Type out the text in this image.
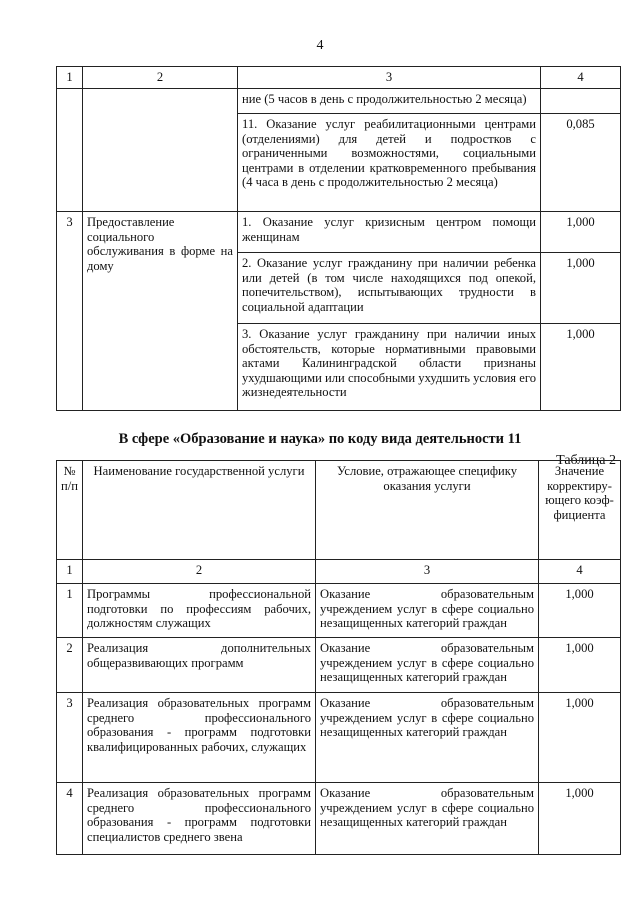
4
1	2	3	4
		ние (5 часов в день с продолжительностью 2 месяца)	
		11. Оказание услуг реабилитационными центрами (отделениями) для детей и подростков с ограниченными возможностями, социальными центрами в отделении кратковременного пребывания (4 часа в день с продолжительностью 2 месяца)	0,085
3	Предоставление социального обслуживания в форме на дому	1. Оказание услуг кризисным центром помощи женщинам	1,000
		2. Оказание услуг гражданину при наличии ребенка или детей (в том числе находящихся под опекой, попечительством), испытывающих трудности в социальной адаптации	1,000
		3. Оказание услуг гражданину при наличии иных обстоятельств, которые нормативными правовыми актами Калининградской области признаны ухудшающими или способными ухудшить условия его жизнедеятельности	1,000
В сфере «Образование и наука» по коду вида деятельности 11
Таблица 2
№ п/п	Наименование государственной услуги	Условие, отражающее специфику оказания услуги	Значение корректиру-ющего коэф-фициента
1	2	3	4
1	Программы профессиональной подготовки по профессиям рабочих, должностям служащих	Оказание образовательным учреждением услуг в сфере социально незащищенных категорий граждан	1,000
2	Реализация дополнительных общеразвивающих программ	Оказание образовательным учреждением услуг в сфере социально незащищенных категорий граждан	1,000
3	Реализация образовательных программ среднего профессионального образования - программ подготовки квалифицированных рабочих, служащих	Оказание образовательным учреждением услуг в сфере социально незащищенных категорий граждан	1,000
4	Реализация образовательных программ среднего профессионального образования - программ подготовки специалистов среднего звена	Оказание образовательным учреждением услуг в сфере социально незащищенных категорий граждан	1,000
